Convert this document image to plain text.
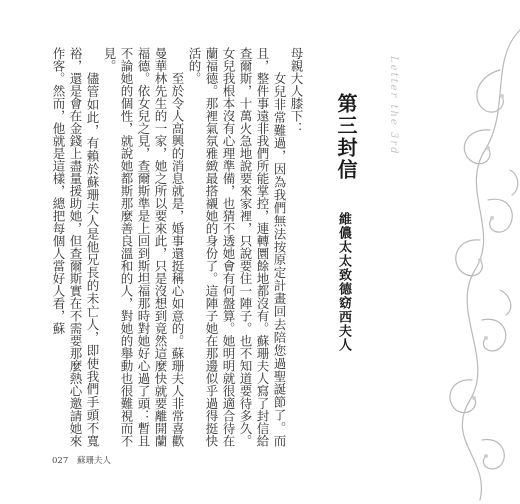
Letter the 3rd
第三封信
維儂太太致德窈西夫人

母親大人膝下：

女兒非常難過，因為我們無法按原定計畫回去陪您過聖誕節了。而且，整件事遠非我們所能掌控，連轉圜餘地都沒有。蘇珊夫人寫了封信給查爾斯，十萬火急地說要來家裡，只說要住一陣子。也不知道要待多久。女兒我根本沒有心理準備，也猜不透她會有何盤算。她明明就很適合待在蘭福德。那裡氣氛雅緻最搭襯她的身份了。這陣子她在那邊似乎過得挺快活的。

至於令人高興的消息就是，婚事還挺稱心如意的。蘇珊夫人非常喜歡曼華林先生的一家，她之所以要來此，只是沒想到竟然這麼快就要離開蘭福德。依女兒之見，查爾斯準是上回到斯坦福那時對她好心過了頭：暫且不論她的個性，就說她都斯那麼善良溫和的人，對她的舉動也很難視而不見。

儘管如此，有賴於蘇珊夫人是他兄長的未亡人，即使我們手頭不寬裕，還是會在金錢上盡量援助她，但查爾斯實在不需要那麼熱心邀請她來作客。然而，他就是這樣，總把每個人當好人看，蘇

027 蘇珊夫人
